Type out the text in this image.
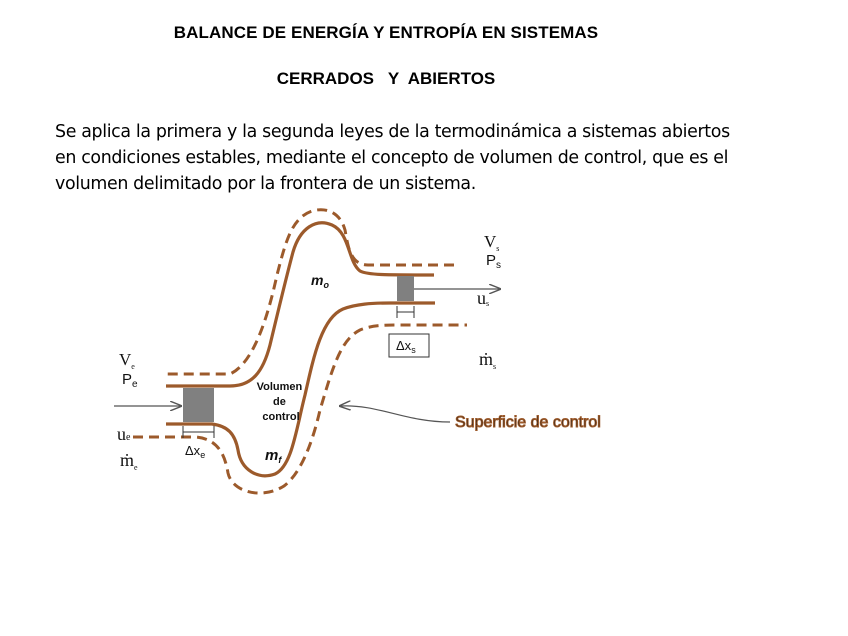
BALANCE DE ENERGÍA Y ENTROPÍA EN SISTEMAS
CERRADOS   Y  ABIERTOS
Se aplica la primera y la segunda leyes de la termodinámica a sistemas abiertos
en condiciones estables, mediante el concepto de volumen de control, que es el
volumen delimitado por la frontera de un sistema.
$V_e$
$P_e$
ue
ṁ$_e$
$\Delta x_e$
$V_s$
$P_s$
us
ṁ$_s$
$\Delta x_s$
$m_o$
$m_f$
Volumen de control	Superficie de control
